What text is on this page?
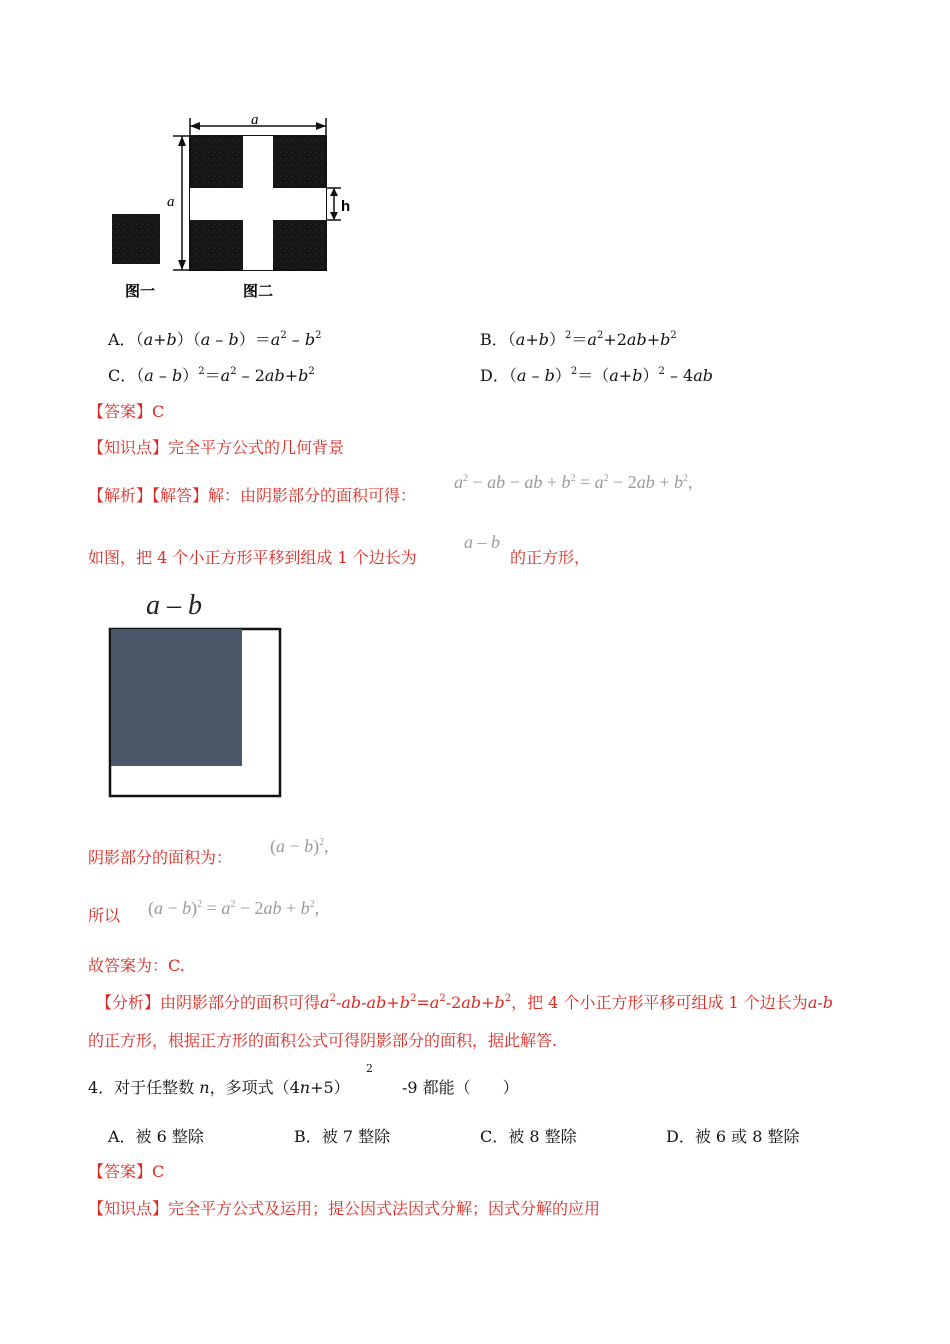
a
a	h
图一	图二
A．$(a+b)(a - b)=a^2 - b^2$	B．$(a+b)^2=a^2+2ab+b^2$
C．$(a - b)^2=a^2 - 2ab+b^2$	D．$(a - b)^2=(a+b)^2 - 4ab$
【答案】C
【知识点】完全平方公式的几何背景
【解析】【解答】解：由阴影部分的面积可得：
$a^2$ − ab − ab + $b^2 = a^2 - 2ab + b^2$,
如图，把 4 个小正方形平移到组成 1 个边长为
a – b
的正方形，
a – b
阴影部分的面积为：
$(a - b)^2$,
所以 $(a - b)^2 = a^2 - 2ab + b^2$,
故答案为：C.
【分析】由阴影部分的面积可得$a^2-ab-ab+b^2=a^2-2ab+b^2$，把 4 个小正方形平移可组成 1 个边长为a-b
的正方形，根据正方形的面积公式可得阴影部分的面积，据此解答.
4．对于任整数 n，多项式（4n+5）
2
-9 都能（　　）
A．被 6 整除	B．被 7 整除	C．被 8 整除	D．被 6 或 8 整除
【答案】C
【知识点】完全平方公式及运用；提公因式法因式分解；因式分解的应用
